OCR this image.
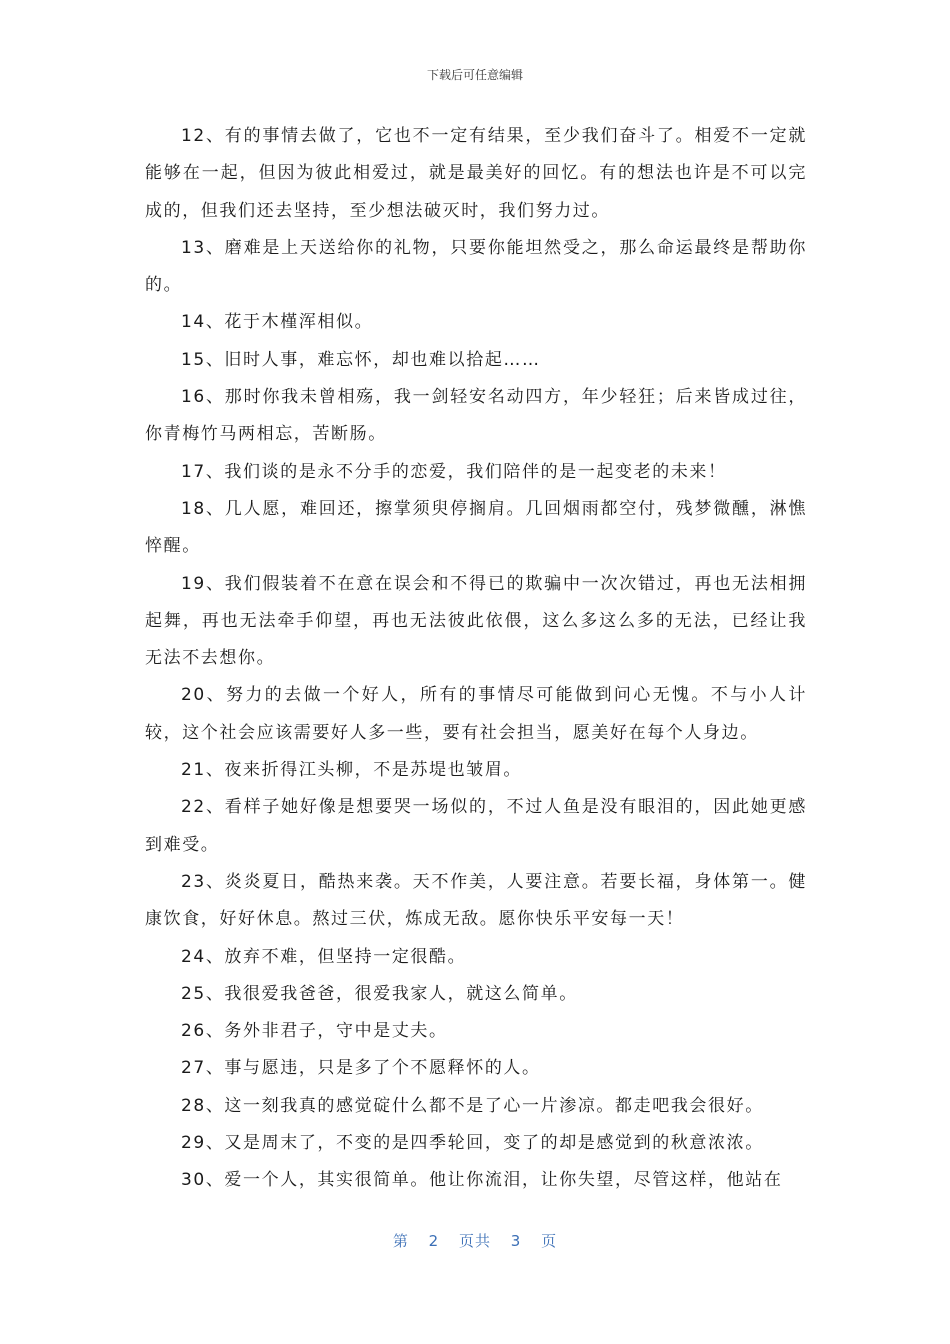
下载后可任意编辑

12、有的事情去做了，它也不一定有结果，至少我们奋斗了。相爱不一定就能够在一起，但因为彼此相爱过，就是最美好的回忆。有的想法也许是不可以完成的，但我们还去坚持，至少想法破灭时，我们努力过。

13、磨难是上天送给你的礼物，只要你能坦然受之，那么命运最终是帮助你的。

14、花于木槿浑相似。

15、旧时人事，难忘怀，却也难以拾起……

16、那时你我未曾相殇，我一剑轻安名动四方，年少轻狂；后来皆成过往，你青梅竹马两相忘，苦断肠。

17、我们谈的是永不分手的恋爱，我们陪伴的是一起变老的未来！

18、几人愿，难回还，擦掌须臾停搁肩。几回烟雨都空付，残梦微醺，淋憔悴醒。

19、我们假装着不在意在误会和不得已的欺骗中一次次错过，再也无法相拥起舞，再也无法牵手仰望，再也无法彼此依偎，这么多这么多的无法，已经让我无法不去想你。

20、努力的去做一个好人，所有的事情尽可能做到问心无愧。不与小人计较，这个社会应该需要好人多一些，要有社会担当，愿美好在每个人身边。

21、夜来折得江头柳，不是苏堤也皱眉。

22、看样子她好像是想要哭一场似的，不过人鱼是没有眼泪的，因此她更感到难受。

23、炎炎夏日，酷热来袭。天不作美，人要注意。若要长福，身体第一。健康饮食，好好休息。熬过三伏，炼成无敌。愿你快乐平安每一天！

24、放弃不难，但坚持一定很酷。

25、我很爱我爸爸，很爱我家人，就这么简单。

26、务外非君子，守中是丈夫。

27、事与愿违，只是多了个不愿释怀的人。

28、这一刻我真的感觉碇什么都不是了心一片渗凉。都走吧我会很好。

29、又是周末了，不变的是四季轮回，变了的却是感觉到的秋意浓浓。

30、爱一个人，其实很简单。他让你流泪，让你失望，尽管这样，他站在

第 2 页共 3 页
